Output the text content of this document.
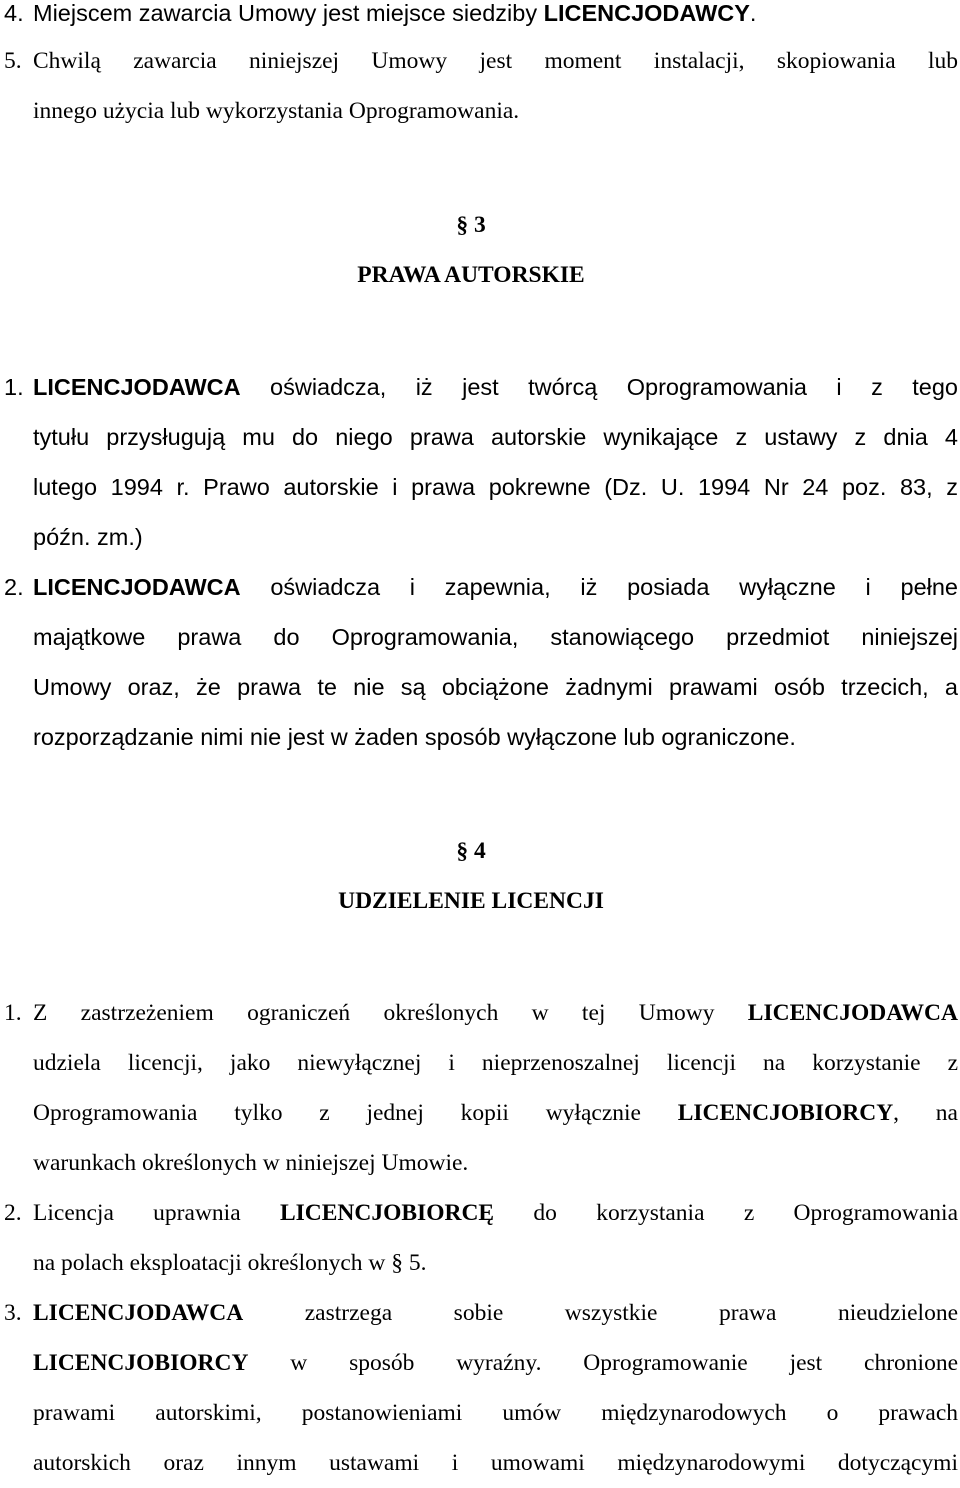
4. Miejscem zawarcia Umowy jest miejsce siedziby LICENCJODAWCY.
5. Chwilą zawarcia niniejszej Umowy jest moment instalacji, skopiowania lub
innego użycia lub wykorzystania Oprogramowania.
§ 3
PRAWA AUTORSKIE
1. LICENCJODAWCA oświadcza, iż jest twórcą Oprogramowania i z tego
tytułu przysługują mu do niego prawa autorskie wynikające z ustawy z dnia 4
lutego 1994 r. Prawo autorskie i prawa pokrewne (Dz. U. 1994 Nr 24 poz. 83, z
późn. zm.)
2. LICENCJODAWCA oświadcza i zapewnia, iż posiada wyłączne i pełne
majątkowe prawa do Oprogramowania, stanowiącego przedmiot niniejszej
Umowy oraz, że prawa te nie są obciążone żadnymi prawami osób trzecich, a
rozporządzanie nimi nie jest w żaden sposób wyłączone lub ograniczone.
§ 4
UDZIELENIE LICENCJI
1. Z zastrzeżeniem ograniczeń określonych w tej Umowy LICENCJODAWCA
udziela licencji, jako niewyłącznej i nieprzenoszalnej licencji na korzystanie z
Oprogramowania tylko z jednej kopii wyłącznie LICENCJOBIORCY, na
warunkach określonych w niniejszej Umowie.
2. Licencja uprawnia LICENCJOBIORCĘ do korzystania z Oprogramowania
na polach eksploatacji określonych w § 5.
3. LICENCJODAWCA zastrzega sobie wszystkie prawa nieudzielone
LICENCJOBIORCY w sposób wyraźny. Oprogramowanie jest chronione
prawami autorskimi, postanowieniami umów międzynarodowych o prawach
autorskich oraz innym ustawami i umowami międzynarodowymi dotyczącymi
